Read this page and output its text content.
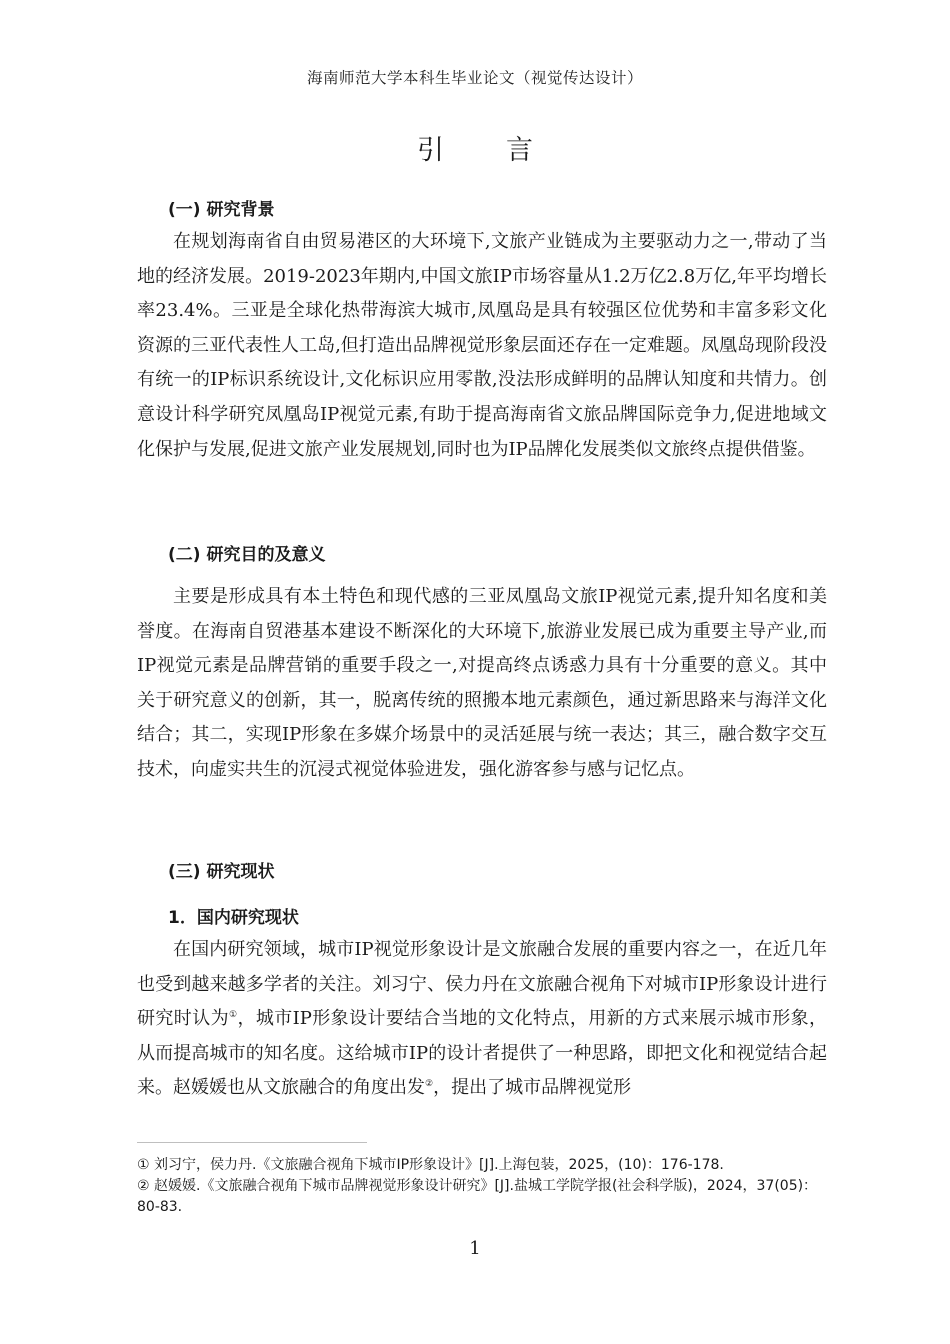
海南师范大学本科生毕业论文（视觉传达设计）
引言
(一) 研究背景

在规划海南省自由贸易港区的大环境下,文旅产业链成为主要驱动力之一,带动了当地的经济发展。2019-2023年期内,中国文旅IP市场容量从1.2万亿2.8万亿,年平均增长率23.4%。三亚是全球化热带海滨大城市,凤凰岛是具有较强区位优势和丰富多彩文化资源的三亚代表性人工岛,但打造出品牌视觉形象层面还存在一定难题。凤凰岛现阶段没有统一的IP标识系统设计,文化标识应用零散,没法形成鲜明的品牌认知度和共情力。创意设计科学研究凤凰岛IP视觉元素,有助于提高海南省文旅品牌国际竞争力,促进地域文化保护与发展,促进文旅产业发展规划,同时也为IP品牌化发展类似文旅终点提供借鉴。

(二) 研究目的及意义

主要是形成具有本土特色和现代感的三亚凤凰岛文旅IP视觉元素,提升知名度和美誉度。在海南自贸港基本建设不断深化的大环境下,旅游业发展已成为重要主导产业,而IP视觉元素是品牌营销的重要手段之一,对提高终点诱惑力具有十分重要的意义。其中关于研究意义的创新，其一，脱离传统的照搬本地元素颜色，通过新思路来与海洋文化结合；其二，实现IP形象在多媒介场景中的灵活延展与统一表达；其三，融合数字交互技术，向虚实共生的沉浸式视觉体验进发，强化游客参与感与记忆点。

(三) 研究现状
1．国内研究现状

在国内研究领域，城市IP视觉形象设计是文旅融合发展的重要内容之一，在近几年也受到越来越多学者的关注。刘习宁、侯力丹在文旅融合视角下对城市IP形象设计进行研究时认为①，城市IP形象设计要结合当地的文化特点，用新的方式来展示城市形象，从而提高城市的知名度。这给城市IP的设计者提供了一种思路，即把文化和视觉结合起来。赵媛媛也从文旅融合的角度出发②，提出了城市品牌视觉形

① 刘习宁，侯力丹.《文旅融合视角下城市IP形象设计》[J].上海包装，2025，(10)：176-178.

② 赵媛媛.《文旅融合视角下城市品牌视觉形象设计研究》[J].盐城工学院学报(社会科学版)，2024，37(05)：80-83.

1
